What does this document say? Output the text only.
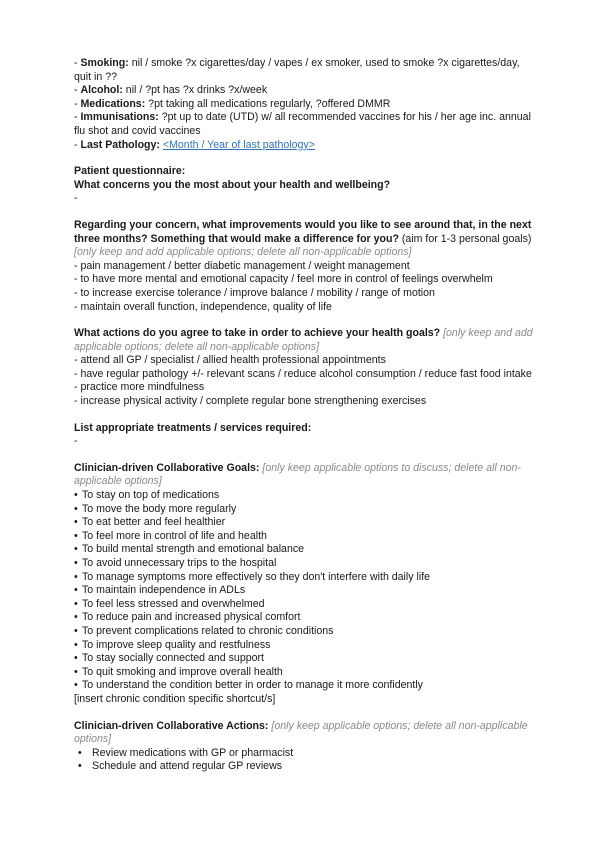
- Smoking: nil / smoke ?x cigarettes/day / vapes / ex smoker, used to smoke ?x cigarettes/day, quit in ??
- Alcohol: nil / ?pt has ?x drinks ?x/week
- Medications: ?pt taking all medications regularly, ?offered DMMR
- Immunisations: ?pt up to date (UTD) w/ all recommended vaccines for his / her age inc. annual flu shot and covid vaccines
- Last Pathology: <Month / Year of last pathology>
Patient questionnaire:
What concerns you the most about your health and wellbeing?
-
Regarding your concern, what improvements would you like to see around that, in the next three months? Something that would make a difference for you? (aim for 1-3 personal goals) [only keep and add applicable options; delete all non-applicable options]
- pain management / better diabetic management / weight management
- to have more mental and emotional capacity / feel more in control of feelings overwhelm
- to increase exercise tolerance / improve balance / mobility / range of motion
- maintain overall function, independence, quality of life
What actions do you agree to take in order to achieve your health goals? [only keep and add applicable options; delete all non-applicable options]
- attend all GP / specialist / allied health professional appointments
- have regular pathology +/- relevant scans / reduce alcohol consumption / reduce fast food intake
- practice more mindfulness
- increase physical activity / complete regular bone strengthening exercises
List appropriate treatments / services required:
-
Clinician-driven Collaborative Goals: [only keep applicable options to discuss; delete all non-applicable options]
• To stay on top of medications
• To move the body more regularly
• To eat better and feel healthier
• To feel more in control of life and health
• To build mental strength and emotional balance
• To avoid unnecessary trips to the hospital
• To manage symptoms more effectively so they don't interfere with daily life
• To maintain independence in ADLs
• To feel less stressed and overwhelmed
• To reduce pain and increased physical comfort
• To prevent complications related to chronic conditions
• To improve sleep quality and restfulness
• To stay socially connected and support
• To quit smoking and improve overall health
• To understand the condition better in order to manage it more confidently
[insert chronic condition specific shortcut/s]
Clinician-driven Collaborative Actions: [only keep applicable options; delete all non-applicable options]
• Review medications with GP or pharmacist
• Schedule and attend regular GP reviews
